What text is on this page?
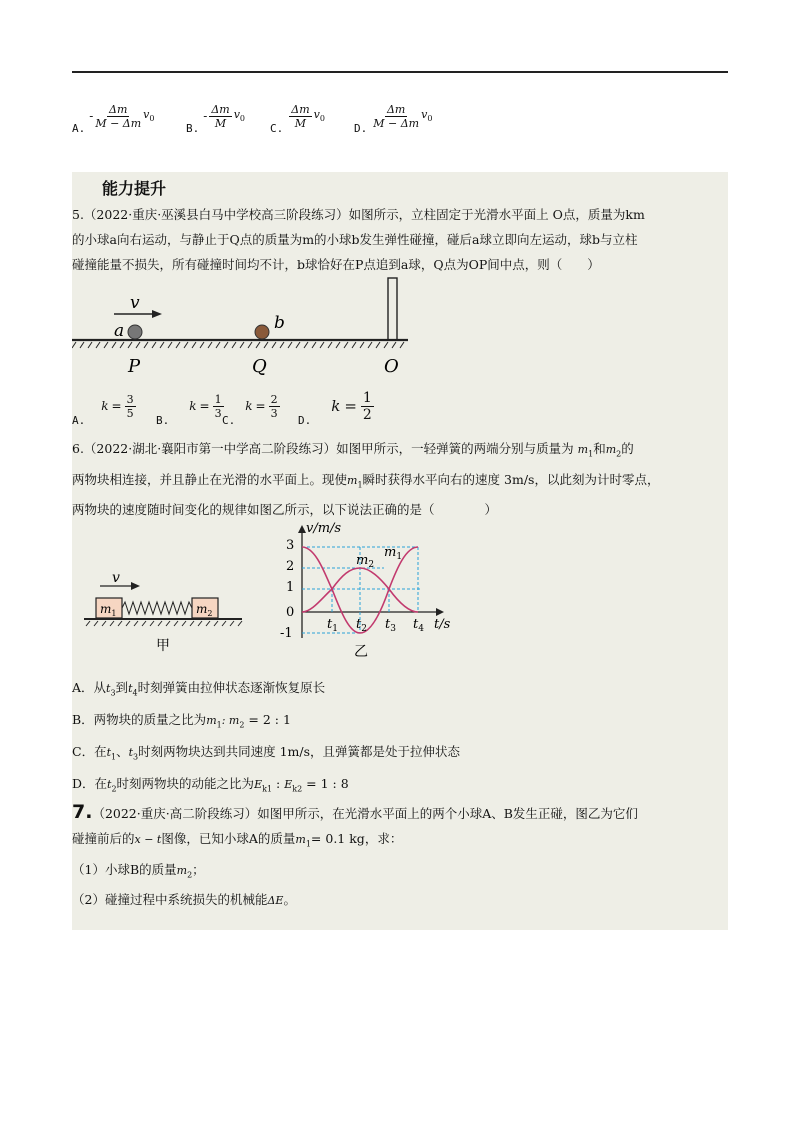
A.
- $\frac{\Delta m}{M - \Delta m} v_0$
B.
- $\frac{\Delta m}{M} v_0$
C. $\frac{\Delta m}{M} v_0$
D. $\frac{\Delta m}{M - \Delta m} v_0$
能力提升

5.（2022·重庆·巫溪县白马中学校高三阶段练习）如图所示，立柱固定于光滑水平面上 O点，质量为km

的小球a向右运动，与静止于Q点的质量为m的小球b发生弹性碰撞，碰后a球立即向左运动，球b与立柱

碰撞能量不损失，所有碰撞时间均不计，b球恰好在P点追到a球，Q点为OP间中点，则（　　）

v
a	b
P	Q	O
A.
$k = \frac{3}{5}$
B.
$k = \frac{1}{3}$
C.
$k = \frac{2}{3}$
D.
$k = \frac{1}{2}$

6.（2022·湖北·襄阳市第一中学高二阶段练习）如图甲所示，一轻弹簧的两端分别与质量为 $m_1$和$m_2$的

两物块相连接，并且静止在光滑的水平面上。现使$m_1$瞬时获得水平向右的速度 3m/s，以此刻为计时零点，

两物块的速度随时间变化的规律如图乙所示，以下说法正确的是（　　　　）

v
$m_1$	$m_2$
甲
v/m/s
t/s
3
2
1
0
-1
$m_2$
$m_1$
$t_1$ $t_2$ $t_3$ $t_4$
乙
A．从$t_3$到$t_4$时刻弹簧由拉伸状态逐渐恢复原长
B．两物块的质量之比为$m_1$: $m_2 = 2$ : 1
C．在$t_1$、$t_3$时刻两物块达到共同速度 1m/s，且弹簧都是处于拉伸状态
D．在$t_2$时刻两物块的动能之比为$E_{k1}$ : $E_{k2} = 1$ : 8

7.（2022·重庆·高二阶段练习）如图甲所示，在光滑水平面上的两个小球A、B发生正碰，图乙为它们

碰撞前后的x − t图像，已知小球A的质量$m_1= 0.1$ kg，求：

（1）小球B的质量$m_2$；

（2）碰撞过程中系统损失的机械能ΔE。
